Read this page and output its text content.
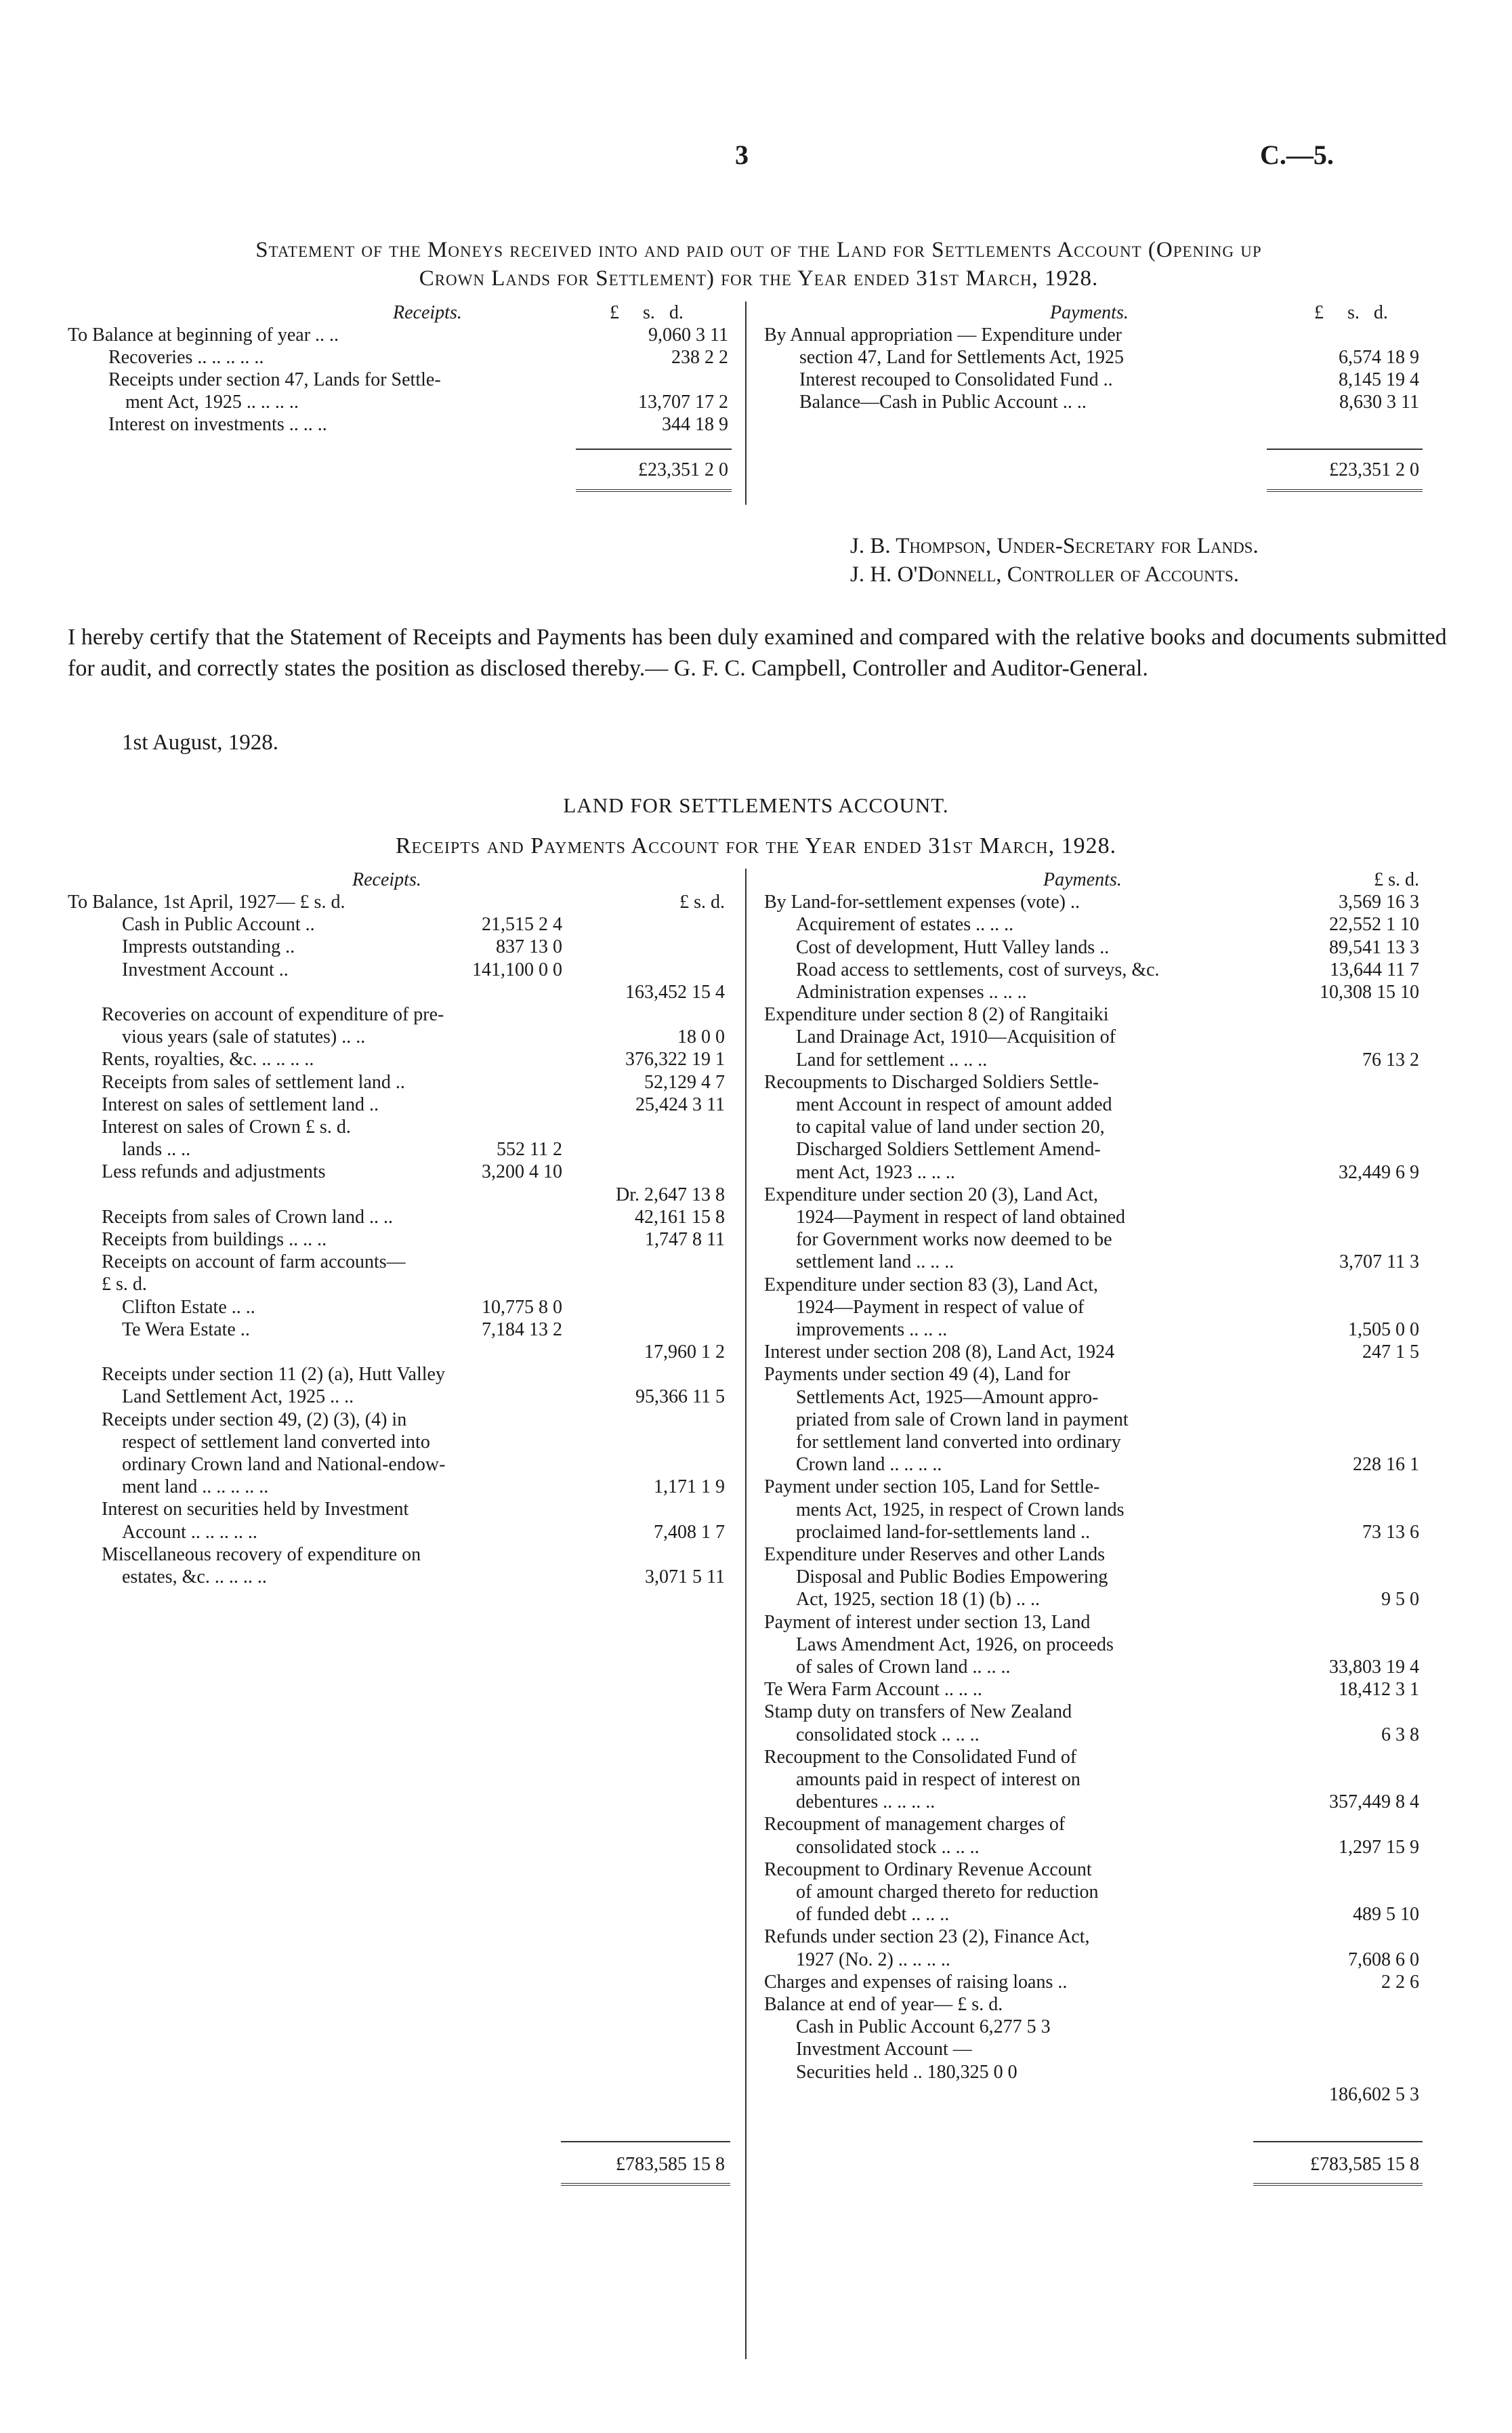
3	C.—5.
Statement of the Moneys received into and paid out of the Land for Settlements Account (Opening up
Crown Lands for Settlement) for the Year ended 31st March, 1928.
Receipts.	£ s. d.	Payments.	£ s. d.
To Balance at beginning of year .. ..	9,060 3 11
Recoveries .. .. .. .. ..	238 2 2
Receipts under section 47, Lands for Settle-
ment Act, 1925 .. .. .. ..	13,707 17 2
Interest on investments .. .. ..	344 18 9
By Annual appropriation — Expenditure under
section 47, Land for Settlements Act, 1925	6,574 18 9
Interest recouped to Consolidated Fund ..	8,145 19 4
Balance—Cash in Public Account .. ..	8,630 3 11
£23,351 2 0	£23,351 2 0
J. B. Thompson, Under-Secretary for Lands.
J. H. O'Donnell, Controller of Accounts.
I hereby certify that the Statement of Receipts and Payments has been duly examined and compared with the relative books and documents submitted for audit, and correctly states the position as disclosed thereby.— G. F. C. Campbell, Controller and Auditor-General.
1st August, 1928.
LAND FOR SETTLEMENTS ACCOUNT.
Receipts and Payments Account for the Year ended 31st March, 1928.
Receipts.	Payments.
To Balance, 1st April, 1927— £ s. d.	£ s. d.
Cash in Public Account ..	21,515 2 4
Imprests outstanding ..	837 13 0
Investment Account ..	141,100 0 0
163,452 15 4
Recoveries on account of expenditure of pre-
vious years (sale of statutes) .. ..	18 0 0
Rents, royalties, &c. .. .. .. ..	376,322 19 1
Receipts from sales of settlement land ..	52,129 4 7
Interest on sales of settlement land ..	25,424 3 11
Interest on sales of Crown £ s. d.
lands .. ..	552 11 2
Less refunds and adjustments	3,200 4 10
Dr. 2,647 13 8
Receipts from sales of Crown land .. ..	42,161 15 8
Receipts from buildings .. .. ..	1,747 8 11
Receipts on account of farm accounts—
£ s. d.
Clifton Estate .. ..	10,775 8 0
Te Wera Estate ..	7,184 13 2
17,960 1 2
Receipts under section 11 (2) (a), Hutt Valley
Land Settlement Act, 1925 .. ..	95,366 11 5
Receipts under section 49, (2) (3), (4) in
respect of settlement land converted into
ordinary Crown land and National-endow-
ment land .. .. .. .. ..	1,171 1 9
Interest on securities held by Investment
Account .. .. .. .. ..	7,408 1 7
Miscellaneous recovery of expenditure on
estates, &c. .. .. .. ..	3,071 5 11
£ s. d.
By Land-for-settlement expenses (vote) ..	3,569 16 3
Acquirement of estates .. .. ..	22,552 1 10
Cost of development, Hutt Valley lands ..	89,541 13 3
Road access to settlements, cost of surveys, &c.	13,644 11 7
Administration expenses .. .. ..	10,308 15 10
Expenditure under section 8 (2) of Rangitaiki
Land Drainage Act, 1910—Acquisition of
Land for settlement .. .. ..	76 13 2
Recoupments to Discharged Soldiers Settle-
ment Account in respect of amount added
to capital value of land under section 20,
Discharged Soldiers Settlement Amend-
ment Act, 1923 .. .. ..	32,449 6 9
Expenditure under section 20 (3), Land Act,
1924—Payment in respect of land obtained
for Government works now deemed to be
settlement land .. .. ..	3,707 11 3
Expenditure under section 83 (3), Land Act,
1924—Payment in respect of value of
improvements .. .. ..	1,505 0 0
Interest under section 208 (8), Land Act, 1924	247 1 5
Payments under section 49 (4), Land for
Settlements Act, 1925—Amount appro-
priated from sale of Crown land in payment
for settlement land converted into ordinary
Crown land .. .. .. ..	228 16 1
Payment under section 105, Land for Settle-
ments Act, 1925, in respect of Crown lands
proclaimed land-for-settlements land ..	73 13 6
Expenditure under Reserves and other Lands
Disposal and Public Bodies Empowering
Act, 1925, section 18 (1) (b) .. ..	9 5 0
Payment of interest under section 13, Land
Laws Amendment Act, 1926, on proceeds
of sales of Crown land .. .. ..	33,803 19 4
Te Wera Farm Account .. .. ..	18,412 3 1
Stamp duty on transfers of New Zealand
consolidated stock .. .. ..	6 3 8
Recoupment to the Consolidated Fund of
amounts paid in respect of interest on
debentures .. .. .. ..	357,449 8 4
Recoupment of management charges of
consolidated stock .. .. ..	1,297 15 9
Recoupment to Ordinary Revenue Account
of amount charged thereto for reduction
of funded debt .. .. ..	489 5 10
Refunds under section 23 (2), Finance Act,
1927 (No. 2) .. .. .. ..	7,608 6 0
Charges and expenses of raising loans ..	2 2 6
Balance at end of year— £ s. d.
Cash in Public Account 6,277 5 3
Investment Account —
Securities held .. 180,325 0 0
186,602 5 3
£783,585 15 8	£783,585 15 8
